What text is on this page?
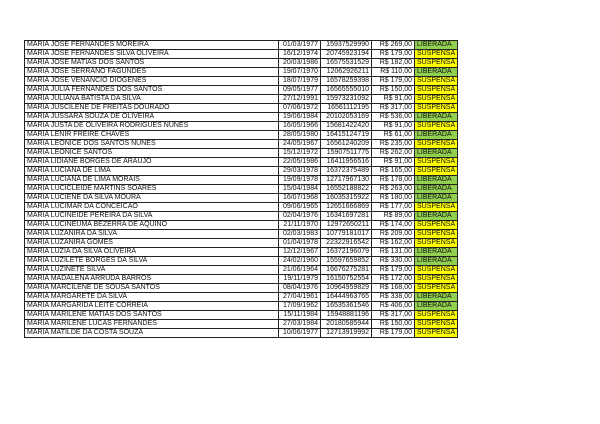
MARIA JOSE FERNANDES MOREIRA	01/03/1977	15937529990	R$ 269,00	LIBERADA
MARIA JOSE FERNANDES SILVA OLIVEIRA	16/12/1974	20745923194	R$ 179,00	SUSPENSA
MARIA JOSE MATIAS DOS SANTOS	20/03/1986	16575531529	R$ 182,00	SUSPENSA
MARIA JOSE SERRANO FAGUNDES	19/07/1970	12062926211	R$ 110,00	LIBERADA
MARIA JOSE VENANCIO DIOGENES	18/07/1979	16578259398	R$ 179,00	SUSPENSA
MARIA JULIA FERNANDES DOS SANTOS	09/05/1977	16565555010	R$ 150,00	SUSPENSA
MARIA JULIANA BATISTA DA SILVA	27/12/1991	15973231092	R$ 91,00	SUSPENSA
MARIA JUSCILENE DE FREITAS DOURADO	07/06/1972	16561112195	R$ 317,00	SUSPENSA
MARIA JUSSARA SOUZA DE OLIVEIRA	19/06/1984	20102053169	R$ 536,00	LIBERADA
MARIA JUSTA DE OLIVEIRA RODRIGUES NUNES	16/05/1966	15681422420	R$ 91,00	SUSPENSA
MARIA LENIR FREIRE CHAVES	28/05/1980	16415124719	R$ 61,00	LIBERADA
MARIA LEONICE DOS SANTOS NUNES	24/05/1967	16561240209	R$ 235,00	SUSPENSA
MARIA LEONICE SANTOS	15/12/1972	15907511775	R$ 262,00	LIBERADA
MARIA LIDIANE BORGES DE ARAUJO	22/05/1986	16411956516	R$ 91,00	SUSPENSA
MARIA LUCIANA DE LIMA	29/03/1978	16372375489	R$ 165,00	SUSPENSA
MARIA LUCIANA DE LIMA MORAIS	19/09/1978	12717967130	R$ 178,00	LIBERADA
MARIA LUCICLEIDE MARTINS SOARES	15/04/1984	16552188822	R$ 263,00	LIBERADA
MARIA LUCIENE DA SILVA MOURA	16/07/1968	16035315922	R$ 180,00	LIBERADA
MARIA LUCIMAR DA CONCEICAO	09/06/1965	12651666869	R$ 177,00	SUSPENSA
MARIA LUCINEIDE PEREIRA DA SILVA	02/04/1976	16341697281	R$ 89,00	LIBERADA
MARIA LUCINEUMA BEZERRA DE AQUINO	21/11/1970	12972650211	R$ 174,00	SUSPENSA
MARIA LUZANIRA DA SILVA	02/03/1983	10779181017	R$ 209,00	SUSPENSA
MARIA LUZANIRA GOMES	01/04/1978	22322916542	R$ 162,00	SUSPENSA
MARIA LUZIA DA SILVA OLIVEIRA	12/12/1967	16372196079	R$ 131,00	LIBERADA
MARIA LUZILETE BORGES DA SILVA	24/02/1960	15597659852	R$ 330,00	LIBERADA
MARIA LUZINETE SILVA	21/06/1964	16676275281	R$ 179,00	SUSPENSA
MARIA MADALENA ARRUDA BARROS	19/11/1979	16150752554	R$ 172,00	SUSPENSA
MARIA MARCILENE DE SOUSA SANTOS	08/04/1976	10964959829	R$ 168,00	SUSPENSA
MARIA MARGARETE DA SILVA	27/04/1961	16444963765	R$ 338,00	LIBERADA
MARIA MARGARIDA LEITE CORREIA	17/09/1962	16535361546	R$ 406,00	LIBERADA
MARIA MARILENE MATIAS DOS SANTOS	15/11/1984	15948881196	R$ 317,00	SUSPENSA
MARIA MARILENE LUCAS FERNANDES	27/03/1984	20180585944	R$ 150,00	SUSPENSA
MARIA MATILDE DA COSTA SOUZA	10/06/1977	12713919992	R$ 179,00	SUSPENSA
